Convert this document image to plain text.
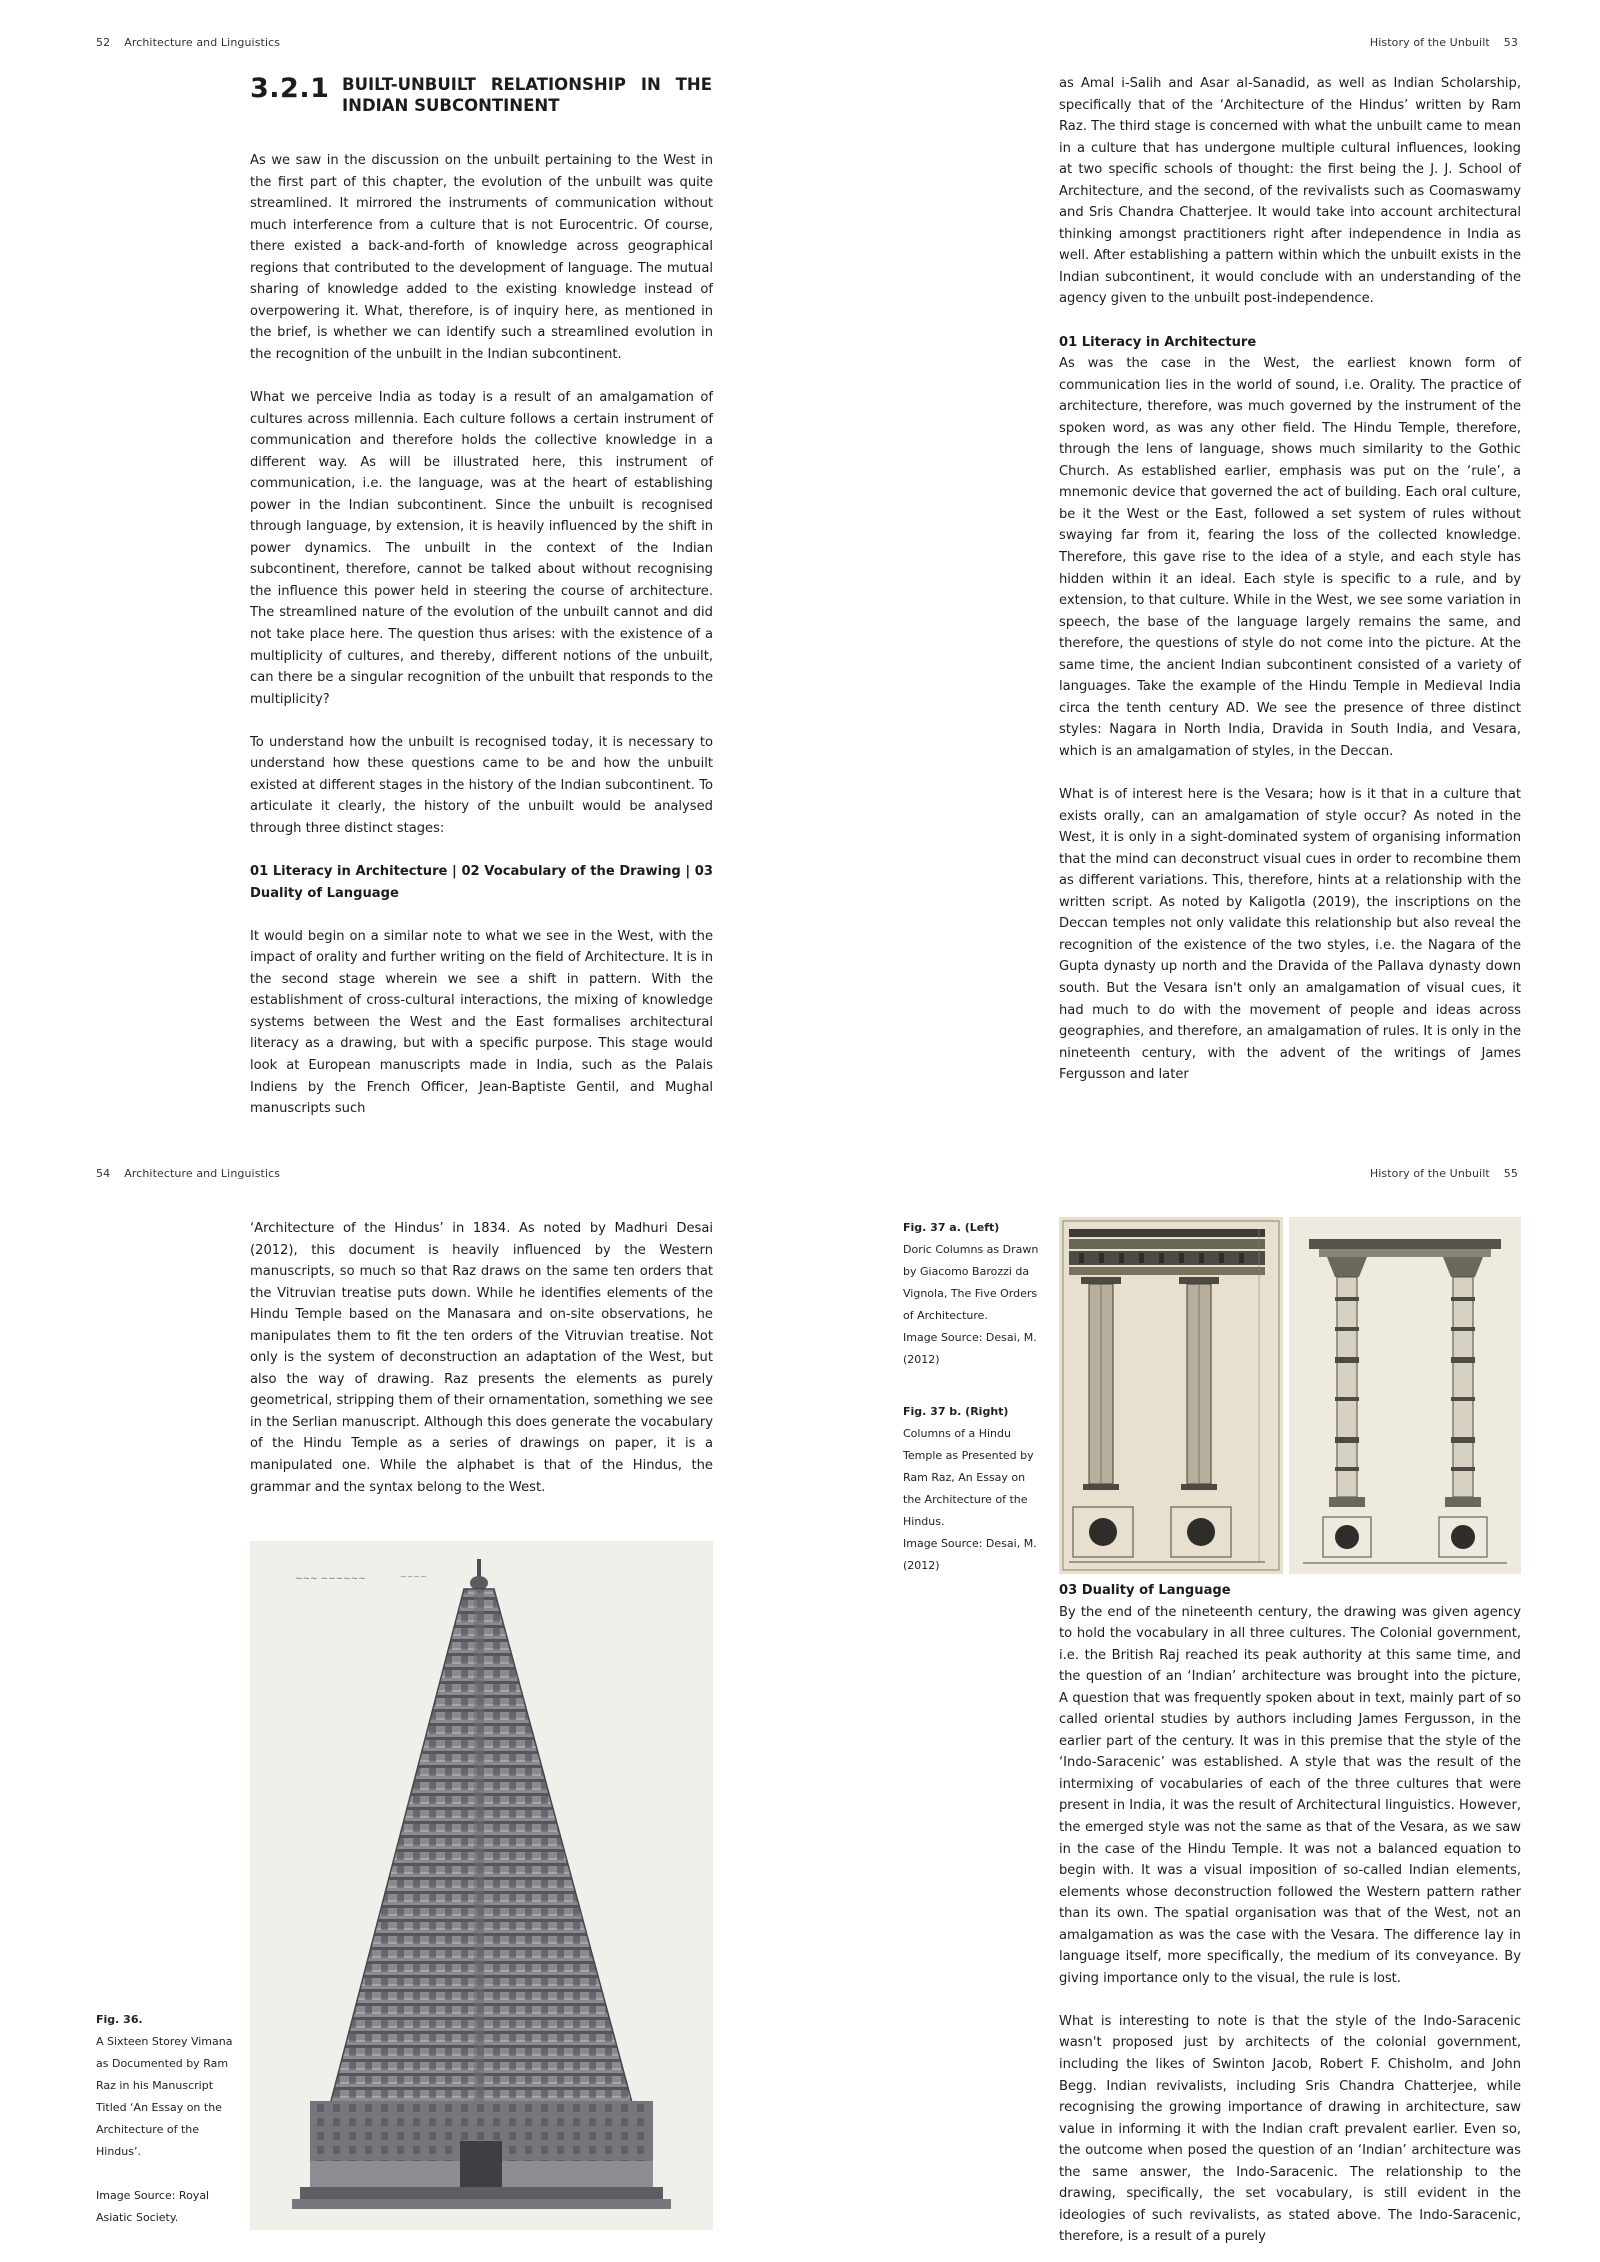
52 Architecture and Linguistics	History of the Unbuilt 53
3.2.1 BUILT-UNBUILT RELATIONSHIP IN THE INDIAN SUBCONTINENT

As we saw in the discussion on the unbuilt pertaining to the West in the first part of this chapter, the evolution of the unbuilt was quite streamlined. It mirrored the instruments of communication without much interference from a culture that is not Eurocentric. Of course, there existed a back-and-forth of knowledge across geographical regions that contributed to the development of language. The mutual sharing of knowledge added to the existing knowledge instead of overpowering it. What, therefore, is of inquiry here, as mentioned in the brief, is whether we can identify such a streamlined evolution in the recognition of the unbuilt in the Indian subcontinent.

What we perceive India as today is a result of an amalgamation of cultures across millennia. Each culture follows a certain instrument of communication and therefore holds the collective knowledge in a different way. As will be illustrated here, this instrument of communication, i.e. the language, was at the heart of establishing power in the Indian subcontinent. Since the unbuilt is recognised through language, by extension, it is heavily influenced by the shift in power dynamics. The unbuilt in the context of the Indian subcontinent, therefore, cannot be talked about without recognising the influence this power held in steering the course of architecture. The streamlined nature of the evolution of the unbuilt cannot and did not take place here. The question thus arises: with the existence of a multiplicity of cultures, and thereby, different notions of the unbuilt, can there be a singular recognition of the unbuilt that responds to the multiplicity?

To understand how the unbuilt is recognised today, it is necessary to understand how these questions came to be and how the unbuilt existed at different stages in the history of the Indian subcontinent. To articulate it clearly, the history of the unbuilt would be analysed through three distinct stages:

01 Literacy in Architecture | 02 Vocabulary of the Drawing | 03 Duality of Language

It would begin on a similar note to what we see in the West, with the impact of orality and further writing on the field of Architecture. It is in the second stage wherein we see a shift in pattern. With the establishment of cross-cultural interactions, the mixing of knowledge systems between the West and the East formalises architectural literacy as a drawing, but with a specific purpose. This stage would look at European manuscripts made in India, such as the Palais Indiens by the French Officer, Jean-Baptiste Gentil, and Mughal manuscripts such

as Amal i-Salih and Asar al-Sanadid, as well as Indian Scholarship, specifically that of the ‘Architecture of the Hindus’ written by Ram Raz. The third stage is concerned with what the unbuilt came to mean in a culture that has undergone multiple cultural influences, looking at two specific schools of thought: the first being the J. J. School of Architecture, and the second, of the revivalists such as Coomaswamy and Sris Chandra Chatterjee. It would take into account architectural thinking amongst practitioners right after independence in India as well. After establishing a pattern within which the unbuilt exists in the Indian subcontinent, it would conclude with an understanding of the agency given to the unbuilt post-independence.

01 Literacy in Architecture

As was the case in the West, the earliest known form of communication lies in the world of sound, i.e. Orality. The practice of architecture, therefore, was much governed by the instrument of the spoken word, as was any other field. The Hindu Temple, therefore, through the lens of language, shows much similarity to the Gothic Church. As established earlier, emphasis was put on the ‘rule’, a mnemonic device that governed the act of building. Each oral culture, be it the West or the East, followed a set system of rules without swaying far from it, fearing the loss of the collected knowledge. Therefore, this gave rise to the idea of a style, and each style has hidden within it an ideal. Each style is specific to a rule, and by extension, to that culture. While in the West, we see some variation in speech, the base of the language largely remains the same, and therefore, the questions of style do not come into the picture. At the same time, the ancient Indian subcontinent consisted of a variety of languages. Take the example of the Hindu Temple in Medieval India circa the tenth century AD. We see the presence of three distinct styles: Nagara in North India, Dravida in South India, and Vesara, which is an amalgamation of styles, in the Deccan.

What is of interest here is the Vesara; how is it that in a culture that exists orally, can an amalgamation of style occur? As noted in the West, it is only in a sight-dominated system of organising information that the mind can deconstruct visual cues in order to recombine them as different variations. This, therefore, hints at a relationship with the written script. As noted by Kaligotla (2019), the inscriptions on the Deccan temples not only validate this relationship but also reveal the recognition of the existence of the two styles, i.e. the Nagara of the Gupta dynasty up north and the Dravida of the Pallava dynasty down south. But the Vesara isn't only an amalgamation of visual cues, it had much to do with the movement of people and ideas across geographies, and therefore, an amalgamation of rules. It is only in the nineteenth century, with the advent of the writings of James Fergusson and later

54 Architecture and Linguistics	History of the Unbuilt 55

‘Architecture of the Hindus’ in 1834. As noted by Madhuri Desai (2012), this document is heavily influenced by the Western manuscripts, so much so that Raz draws on the same ten orders that the Vitruvian treatise puts down. While he identifies elements of the Hindu Temple based on the Manasara and on-site observations, he manipulates them to fit the ten orders of the Vitruvian treatise. Not only is the system of deconstruction an adaptation of the West, but also the way of drawing. Raz presents the elements as purely geometrical, stripping them of their ornamentation, something we see in the Serlian manuscript. Although this does generate the vocabulary of the Hindu Temple as a series of drawings on paper, it is a manipulated one. While the alphabet is that of the Hindus, the grammar and the syntax belong to the West.

Fig. 36.
A Sixteen Storey Vimana as Documented by Ram Raz in his Manuscript Titled ‘An Essay on the Architecture of the Hindus’.
Image Source: Royal Asiatic Society.
~~~ ~~~~~~	~~~~
Fig. 37 a. (Left)
Doric Columns as Drawn by Giacomo Barozzi da Vignola, The Five Orders of Architecture.
Image Source: Desai, M. (2012)
Fig. 37 b. (Right)
Columns of a Hindu Temple as Presented by Ram Raz, An Essay on the Architecture of the Hindus.
Image Source: Desai, M. (2012)
03 Duality of Language

By the end of the nineteenth century, the drawing was given agency to hold the vocabulary in all three cultures. The Colonial government, i.e. the British Raj reached its peak authority at this same time, and the question of an ‘Indian’ architecture was brought into the picture, A question that was frequently spoken about in text, mainly part of so called oriental studies by authors including James Fergusson, in the earlier part of the century. It was in this premise that the style of the ‘Indo-Saracenic’ was established. A style that was the result of the intermixing of vocabularies of each of the three cultures that were present in India, it was the result of Architectural linguistics. However, the emerged style was not the same as that of the Vesara, as we saw in the case of the Hindu Temple. It was not a balanced equation to begin with. It was a visual imposition of so-called Indian elements, elements whose deconstruction followed the Western pattern rather than its own. The spatial organisation was that of the West, not an amalgamation as was the case with the Vesara. The difference lay in language itself, more specifically, the medium of its conveyance. By giving importance only to the visual, the rule is lost.

What is interesting to note is that the style of the Indo-Saracenic wasn't proposed just by architects of the colonial government, including the likes of Swinton Jacob, Robert F. Chisholm, and John Begg. Indian revivalists, including Sris Chandra Chatterjee, while recognising the growing importance of drawing in architecture, saw value in informing it with the Indian craft prevalent earlier. Even so, the outcome when posed the question of an ‘Indian’ architecture was the same answer, the Indo-Saracenic. The relationship to the drawing, specifically, the set vocabulary, is still evident in the ideologies of such revivalists, as stated above. The Indo-Saracenic, therefore, is a result of a purely
